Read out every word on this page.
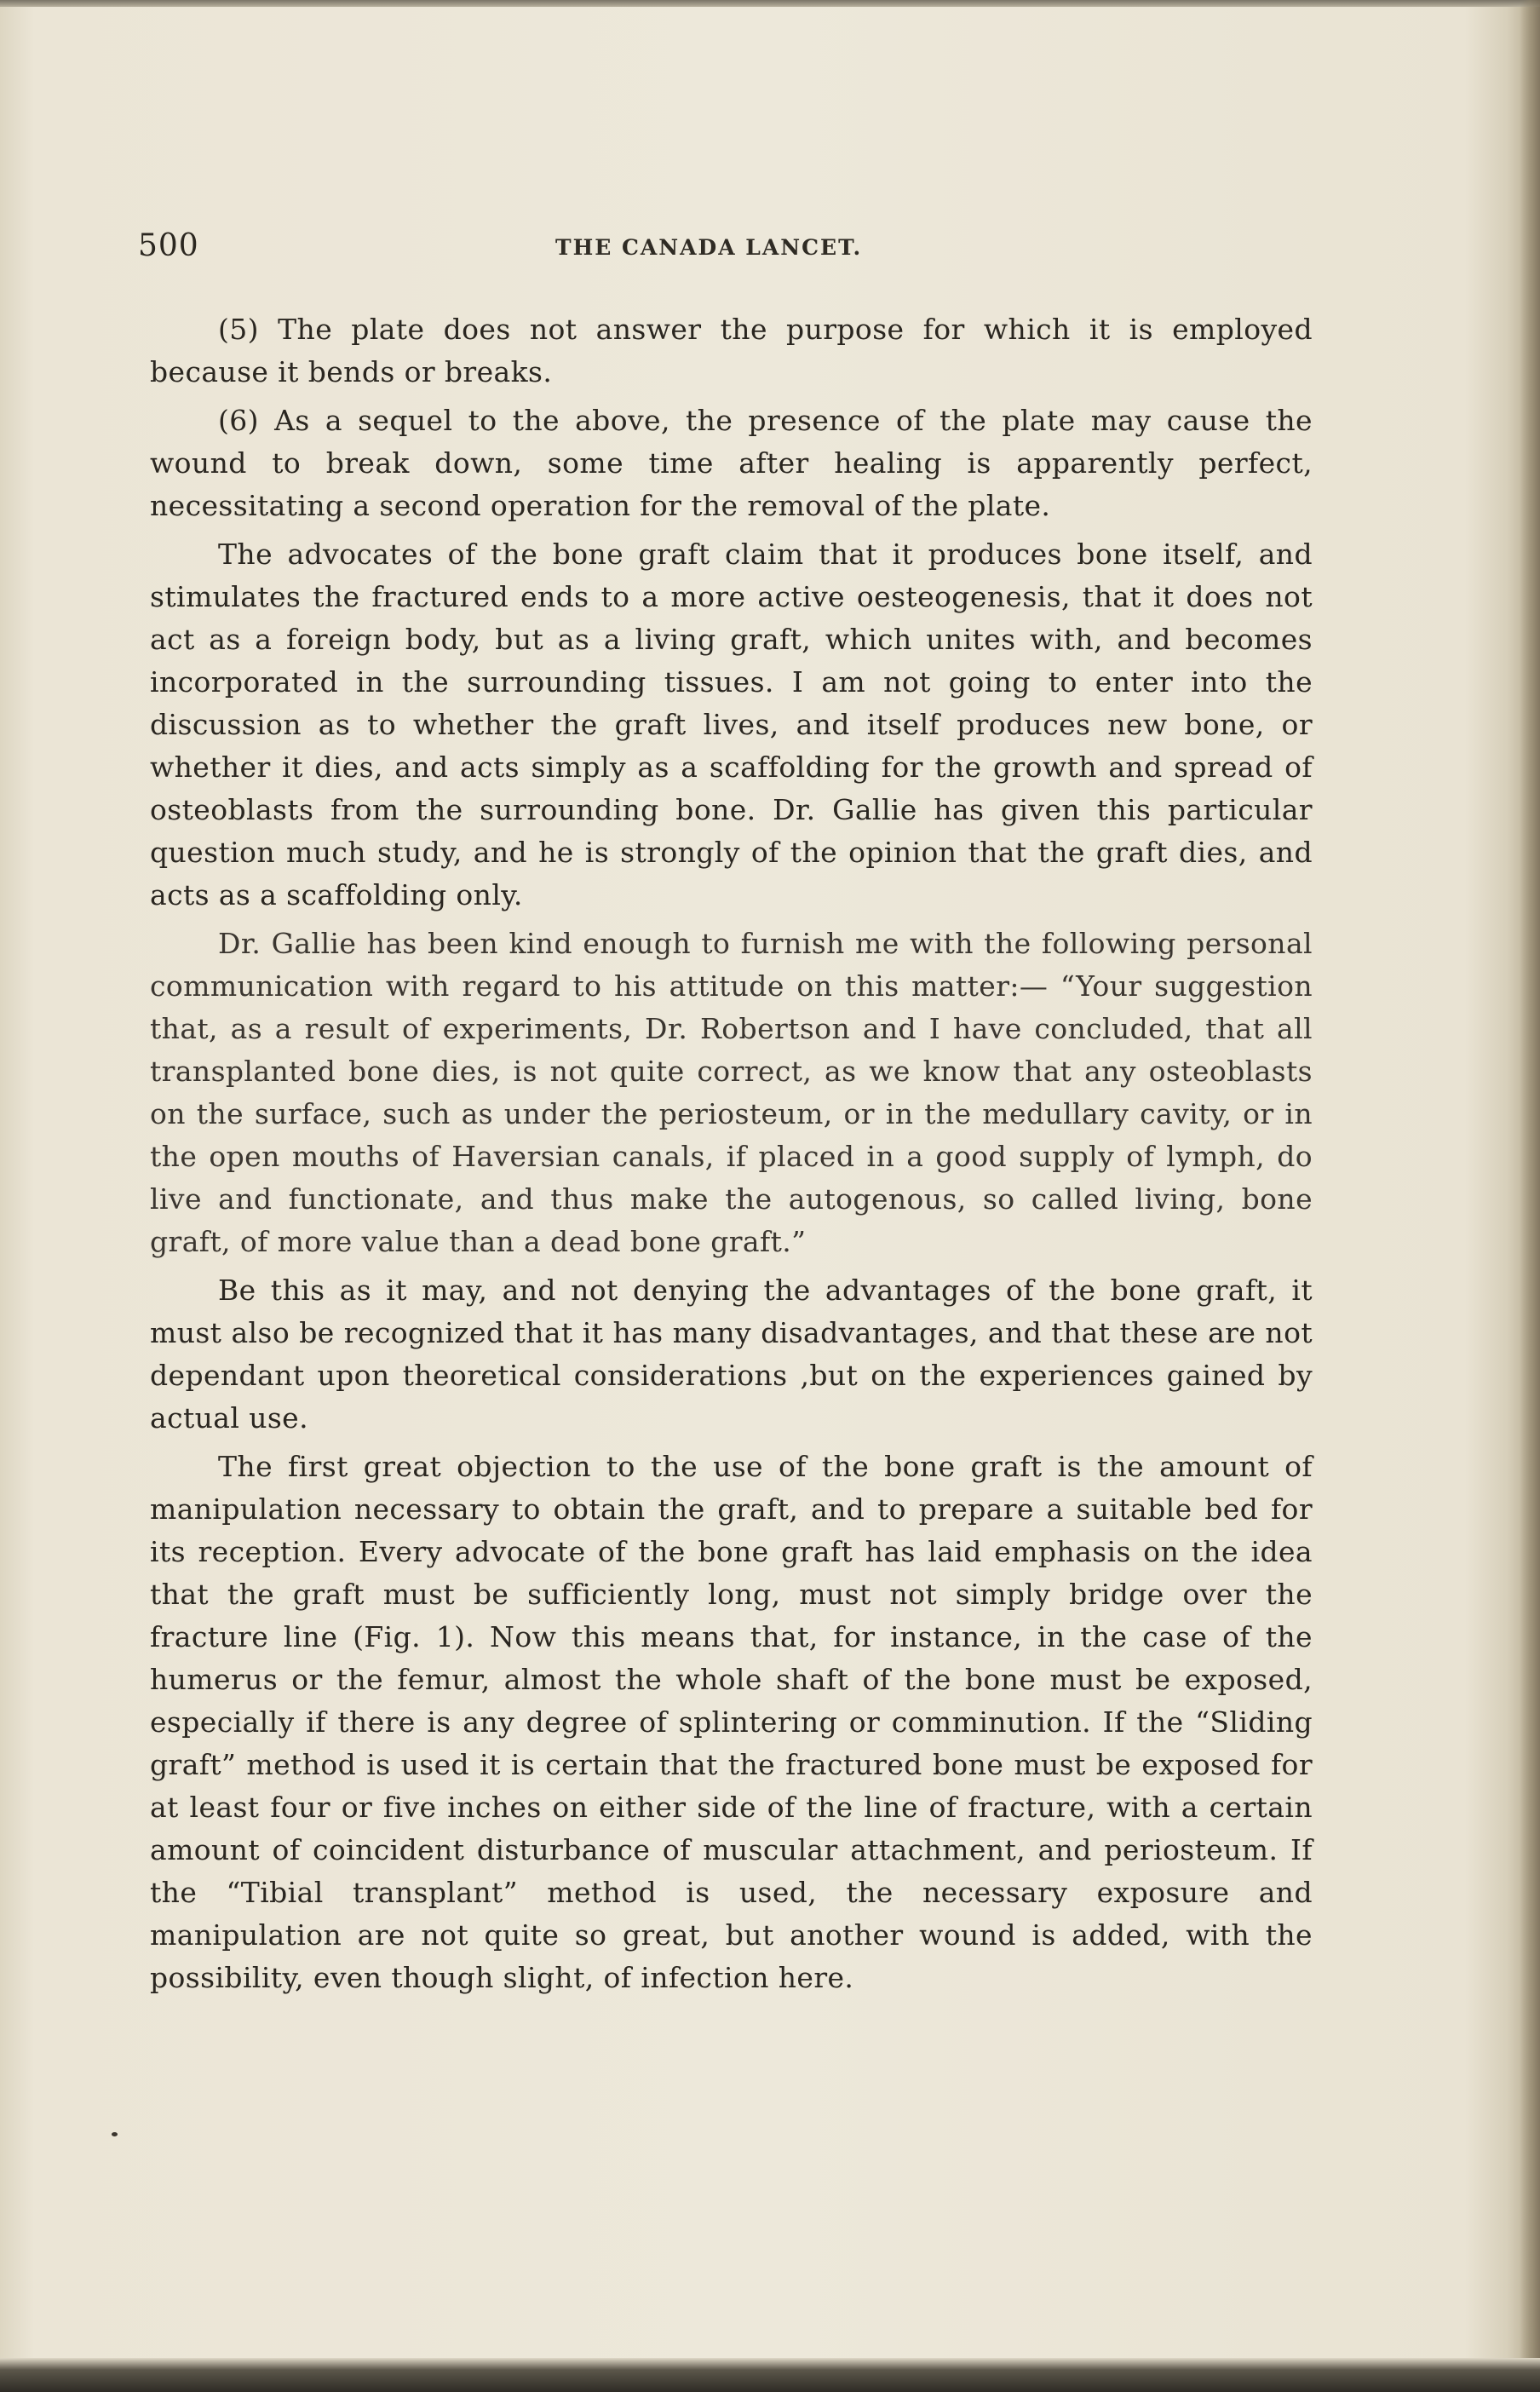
500	THE CANADA LANCET.

(5) The plate does not answer the purpose for which it is employed because it bends or breaks.

(6) As a sequel to the above, the presence of the plate may cause the wound to break down, some time after healing is apparently perfect, necessitating a second operation for the removal of the plate.

The advocates of the bone graft claim that it produces bone itself, and stimulates the fractured ends to a more active oesteogenesis, that it does not act as a foreign body, but as a living graft, which unites with, and becomes incorporated in the surrounding tissues. I am not going to enter into the discussion as to whether the graft lives, and itself produces new bone, or whether it dies, and acts simply as a scaffolding for the growth and spread of osteoblasts from the surrounding bone. Dr. Gallie has given this particular question much study, and he is strongly of the opinion that the graft dies, and acts as a scaffolding only.

Dr. Gallie has been kind enough to furnish me with the following personal communication with regard to his attitude on this matter:— “Your suggestion that, as a result of experiments, Dr. Robertson and I have concluded, that all transplanted bone dies, is not quite correct, as we know that any osteoblasts on the surface, such as under the periosteum, or in the medullary cavity, or in the open mouths of Haversian canals, if placed in a good supply of lymph, do live and functionate, and thus make the autogenous, so called living, bone graft, of more value than a dead bone graft.”

Be this as it may, and not denying the advantages of the bone graft, it must also be recognized that it has many disadvantages, and that these are not dependant upon theoretical considerations ,but on the experiences gained by actual use.

The first great objection to the use of the bone graft is the amount of manipulation necessary to obtain the graft, and to prepare a suitable bed for its reception. Every advocate of the bone graft has laid emphasis on the idea that the graft must be sufficiently long, must not simply bridge over the fracture line (Fig. 1). Now this means that, for instance, in the case of the humerus or the femur, almost the whole shaft of the bone must be exposed, especially if there is any degree of splintering or comminution. If the “Sliding graft” method is used it is certain that the fractured bone must be exposed for at least four or five inches on either side of the line of fracture, with a certain amount of coincident disturbance of muscular attachment, and periosteum. If the “Tibial transplant” method is used, the necessary exposure and manipulation are not quite so great, but another wound is added, with the possibility, even though slight, of infection here.
